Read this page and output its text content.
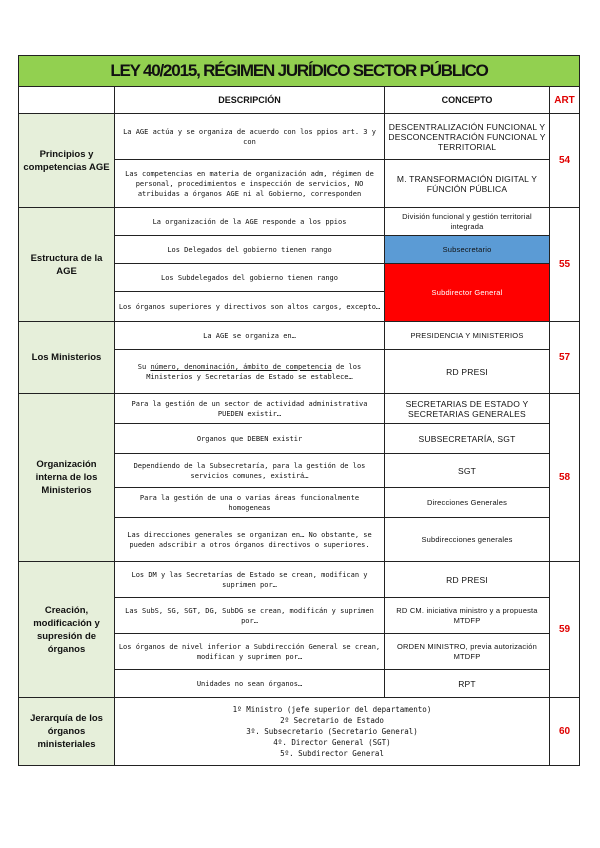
LEY 40/2015, RÉGIMEN JURÍDICO SECTOR PÚBLICO			
	DESCRIPCIÓN	CONCEPTO	ART
Principios y competencias AGE	La AGE actúa y se organiza de acuerdo con los ppios art. 3 y con	DESCENTRALIZACIÓN FUNCIONAL Y DESCONCENTRACIÓN FUNCIONAL Y TERRITORIAL	54
	Las competencias en materia de organización adm, régimen de personal, procedimientos e inspección de servicios, NO atribuidas a órganos AGE ni al Gobierno, corresponden	M. TRANSFORMACIÓN DIGITAL Y FÚNCIÓN PÚBLICA	
Estructura de la AGE	La organización de la AGE responde a los ppios	División funcional y gestión territorial integrada	55
	Los Delegados del gobierno tienen rango	Subsecretario	
	Los Subdelegados del gobierno tienen rango	Subdirector General	
	Los órganos superiores y directivos son altos cargos, excepto…		
Los Ministerios	La AGE se organiza en…	PRESIDENCIA Y MINISTERIOS	57
	Su número, denominación, ámbito de competencia de los Ministerios y Secretarías de Estado se establece…	RD PRESI	
Organización interna de los Ministerios	Para la gestión de un sector de actividad administrativa PUEDEN existir…	SECRETARIAS DE ESTADO Y SECRETARIAS GENERALES	58
	Organos que DEBEN existir	SUBSECRETARÍA, SGT	
	Dependiendo de la Subsecretaría, para la gestión de los servicios comunes, existirá…	SGT	
	Para la gestión de una o varias áreas funcionalmente homogeneas	Direcciones Generales	
	Las direcciones generales se organizan en… No obstante, se pueden adscribir a otros órganos directivos o superiores.	Subdirecciones generales	
Creación, modificación y supresión de órganos	Los DM y las Secretarías de Estado se crean, modifican y suprimen por…	RD PRESI	59
	Las SubS, SG, SGT, DG, SubDG se crean, modificán y suprimen por…	RD CM. iniciativa ministro y a propuesta MTDFP	
	Los órganos de nivel inferior a Subdirección General se crean, modifican y suprimen por…	ORDEN MINISTRO, previa autorización MTDFP	
	Unidades no sean órganos…	RPT	
Jerarquía de los órganos ministeriales	1º Ministro (jefe superior del departamento)
2º Secretario de Estado
3º. Subsecretario (Secretario General)
4º. Director General (SGT)
5º. Subdirector General		60
